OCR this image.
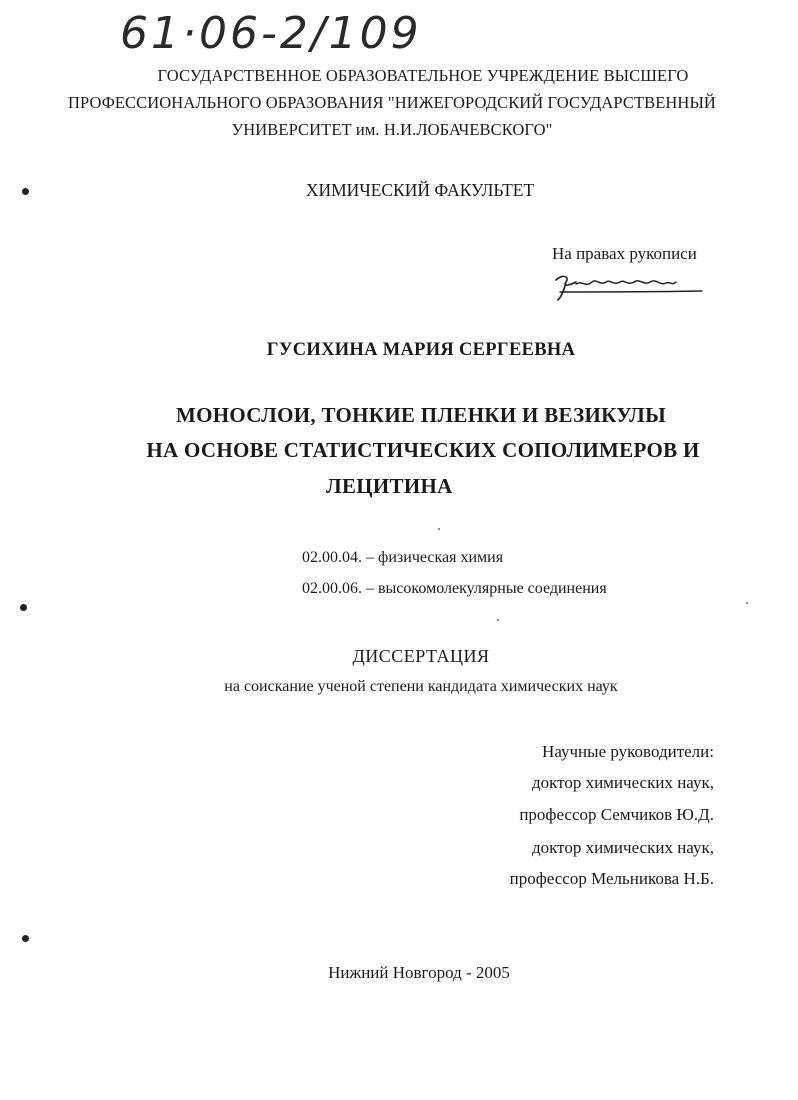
61·06-2/109
ГОСУДАРСТВЕННОЕ ОБРАЗОВАТЕЛЬНОЕ УЧРЕЖДЕНИЕ ВЫСШЕГО
ПРОФЕССИОНАЛЬНОГО ОБРАЗОВАНИЯ "НИЖЕГОРОДСКИЙ ГОСУДАРСТВЕННЫЙ
УНИВЕРСИТЕТ им. Н.И.ЛОБАЧЕВСКОГО"
ХИМИЧЕСКИЙ ФАКУЛЬТЕТ
На правах рукописи
ГУСИХИНА МАРИЯ СЕРГЕЕВНА
МОНОСЛОИ, ТОНКИЕ ПЛЕНКИ И ВЕЗИКУЛЫ
НА ОСНОВЕ СТАТИСТИЧЕСКИХ СОПОЛИМЕРОВ И
ЛЕЦИТИНА
02.00.04. – физическая химия
02.00.06. – высокомолекулярные соединения
ДИССЕРТАЦИЯ
на соискание ученой степени кандидата химических наук
Научные руководители:
доктор химических наук,
профессор Семчиков Ю.Д.
доктор химических наук,
профессор Мельникова Н.Б.
Нижний Новгород - 2005
